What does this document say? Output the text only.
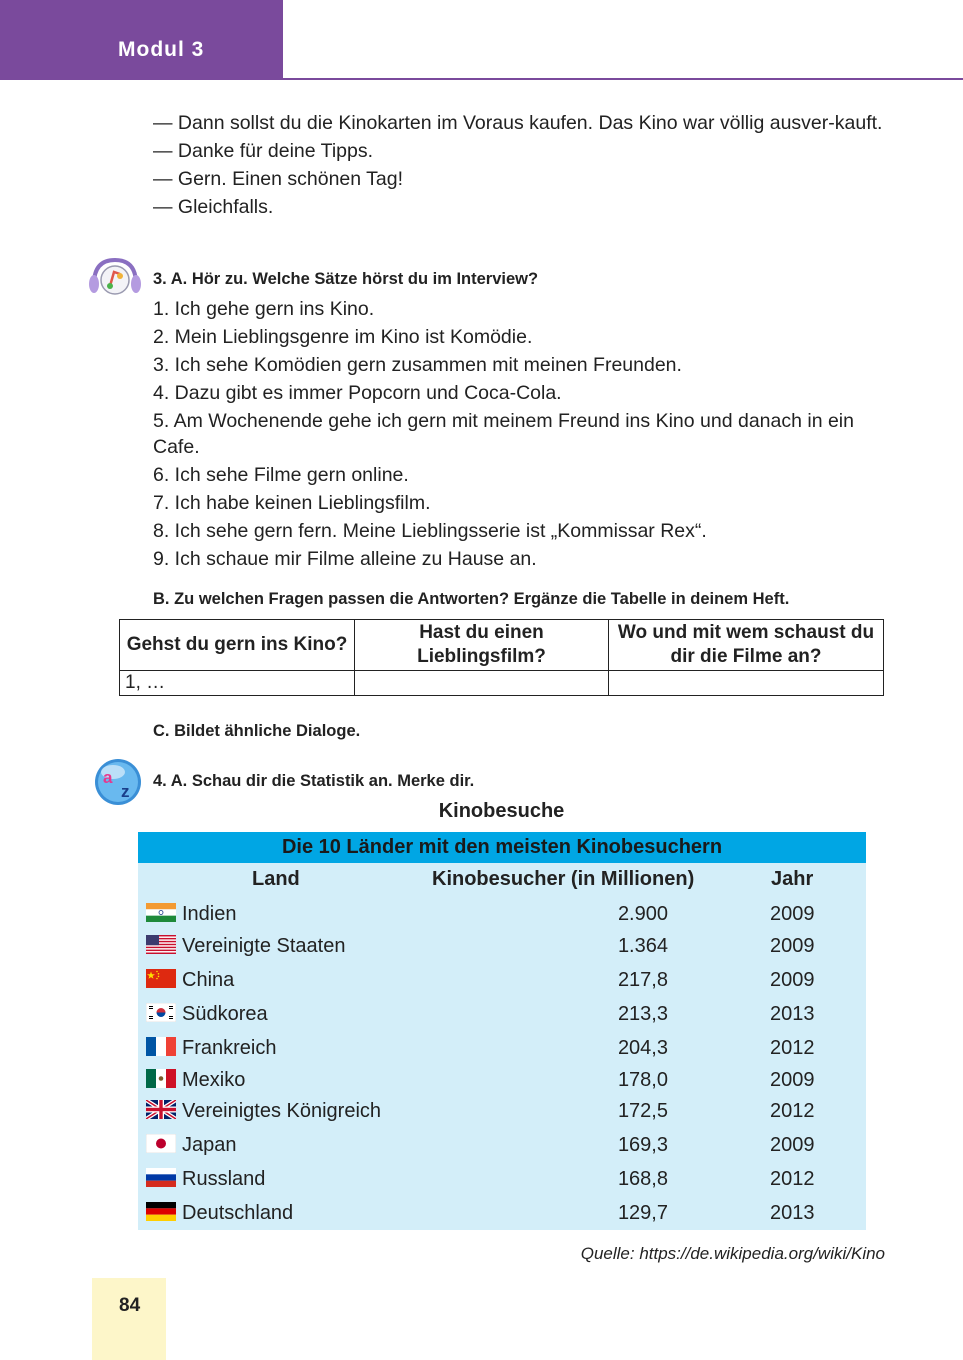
Modul 3

— Dann sollst du die Kinokarten im Voraus kaufen. Das Kino war völlig ausver-kauft.

— Danke für deine Tipps.

— Gern. Einen schönen Tag!

— Gleichfalls.

3. A. Hör zu. Welche Sätze hörst du im Interview?

1. Ich gehe gern ins Kino.

2. Mein Lieblingsgenre im Kino ist Komödie.

3. Ich sehe Komödien gern zusammen mit meinen Freunden.

4. Dazu gibt es immer Popcorn und Coca-Cola.

5. Am Wochenende gehe ich gern mit meinem Freund ins Kino und danach in ein Cafe.

6. Ich sehe Filme gern online.

7. Ich habe keinen Lieblingsfilm.

8. Ich sehe gern fern. Meine Lieblingsserie ist „Kommissar Rex“.

9. Ich schaue mir Filme alleine zu Hause an.

B. Zu welchen Fragen passen die Antworten? Ergänze die Tabelle in deinem Heft.
Gehst du gern ins Kino?	Hast du einen Lieblingsfilm?	Wo und mit wem schaust du dir die Filme an?
1, …		
C. Bildet ähnliche Dialoge.
a
z
4. A. Schau dir die Statistik an. Merke dir.
Kinobesuche
Die 10 Länder mit den meisten Kinobesuchern
Land	Kinobesucher (in Millionen)	Jahr
Indien	2.900	2009
Vereinigte Staaten	1.364	2009
China	217,8	2009
Südkorea	213,3	2013
Frankreich	204,3	2012
Mexiko	178,0	2009
Vereinigtes Königreich	172,5	2012
Japan	169,3	2009
Russland	168,8	2012
Deutschland	129,7	2013
Quelle: https://de.wikipedia.org/wiki/Kino
84
